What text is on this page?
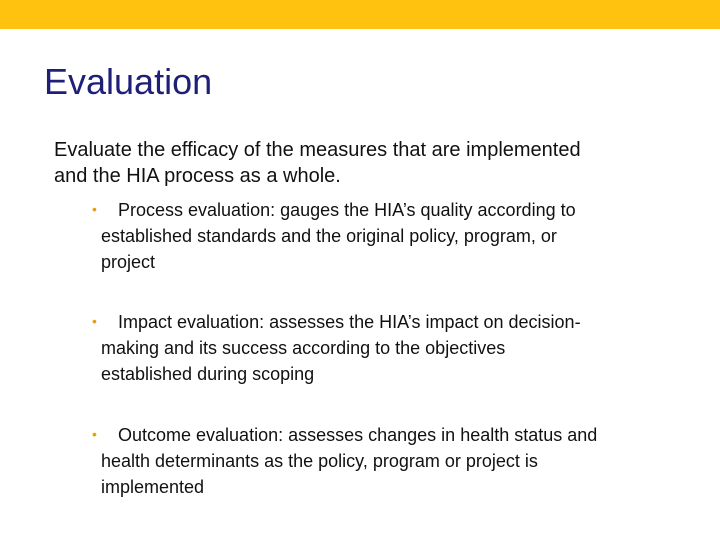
Evaluation
Evaluate the efficacy of the measures that are implemented
and the HIA process as a whole.
• Process evaluation: gauges the HIA’s quality according to
established standards and the original policy, program, or
project
• Impact evaluation: assesses the HIA’s impact on decision-
making and its success according to the objectives
established during scoping
• Outcome evaluation: assesses changes in health status and
health determinants as the policy, program or project is
implemented
